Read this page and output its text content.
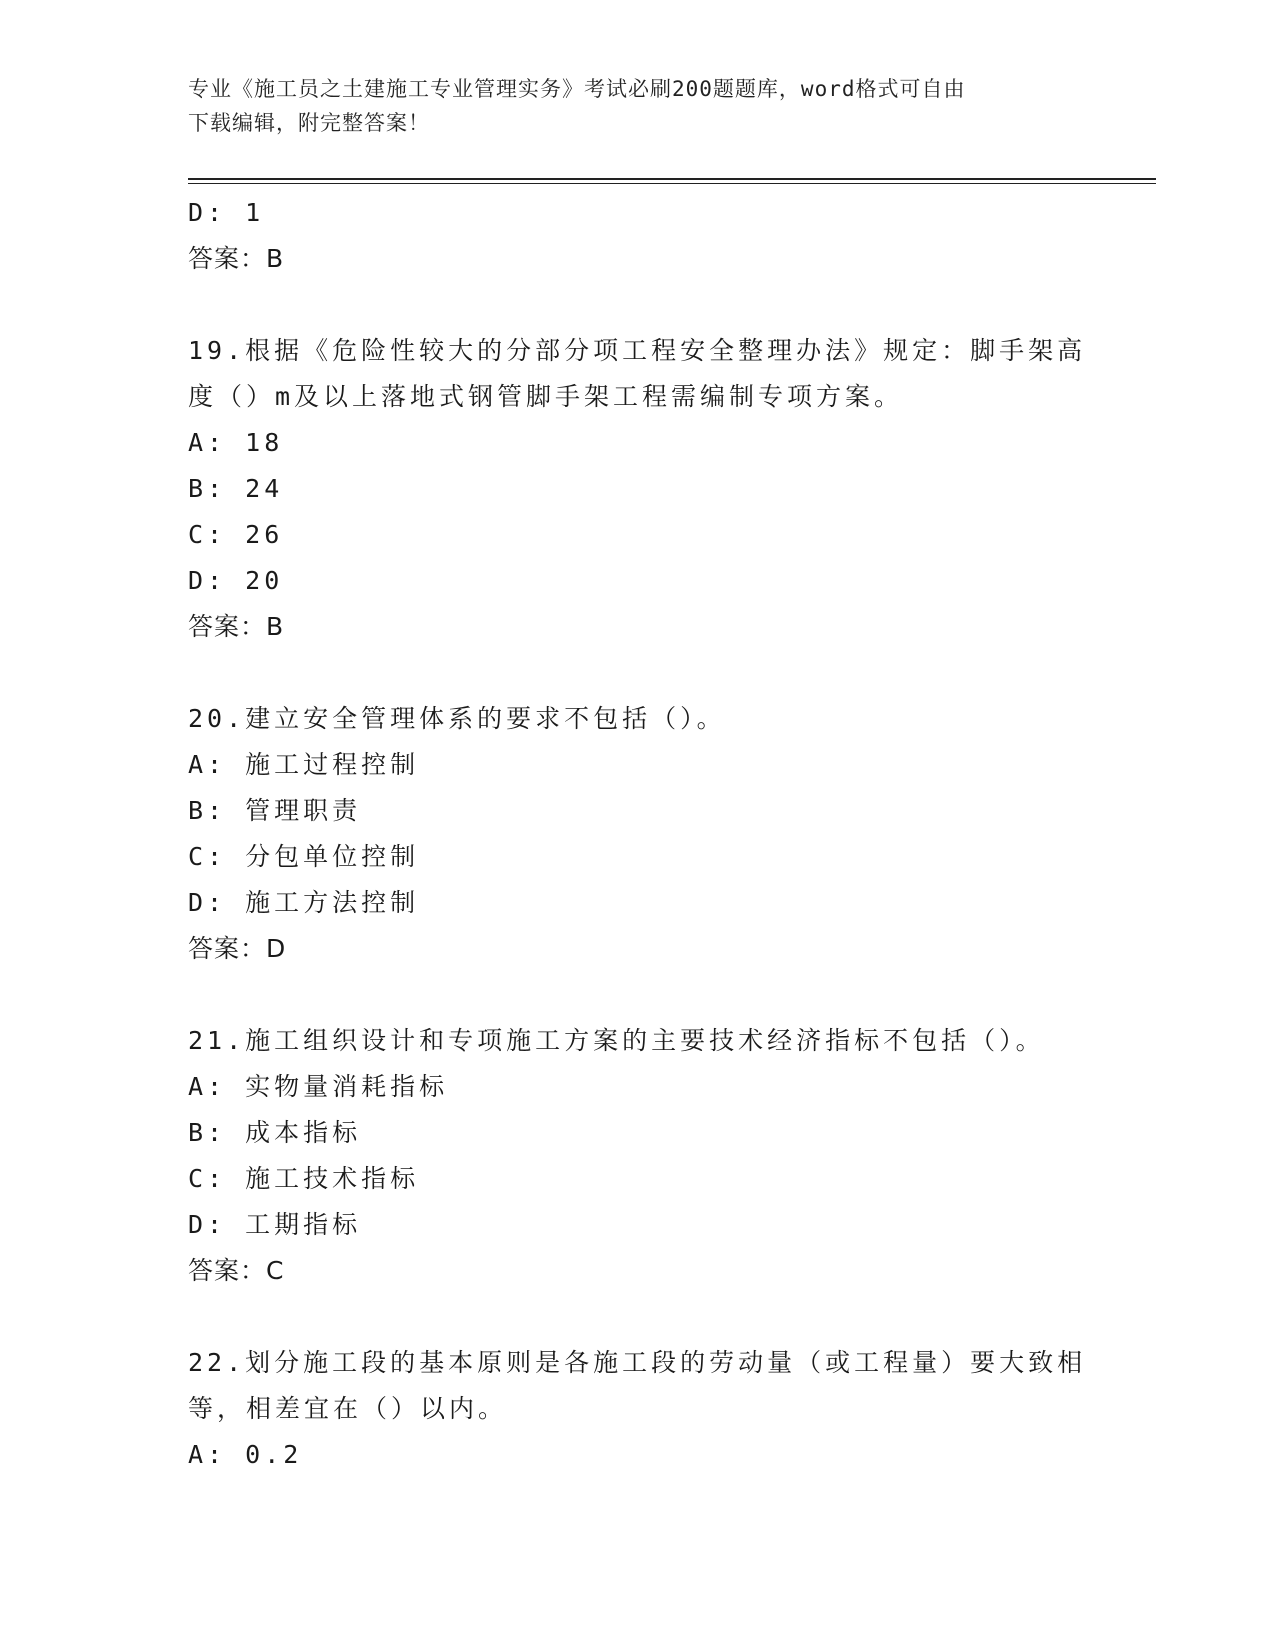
专业《施工员之土建施工专业管理实务》考试必刷200题题库，word格式可自由
下载编辑，附完整答案！
D: 1
答案：B
19.根据《危险性较大的分部分项工程安全整理办法》规定：脚手架高
度（）m及以上落地式钢管脚手架工程需编制专项方案。
A: 18
B: 24
C: 26
D: 20
答案：B
20.建立安全管理体系的要求不包括（）。
A: 施工过程控制
B: 管理职责
C: 分包单位控制
D: 施工方法控制
答案：D
21.施工组织设计和专项施工方案的主要技术经济指标不包括（）。
A: 实物量消耗指标
B: 成本指标
C: 施工技术指标
D: 工期指标
答案：C
22.划分施工段的基本原则是各施工段的劳动量（或工程量）要大致相
等，相差宜在（）以内。
A: 0.2
